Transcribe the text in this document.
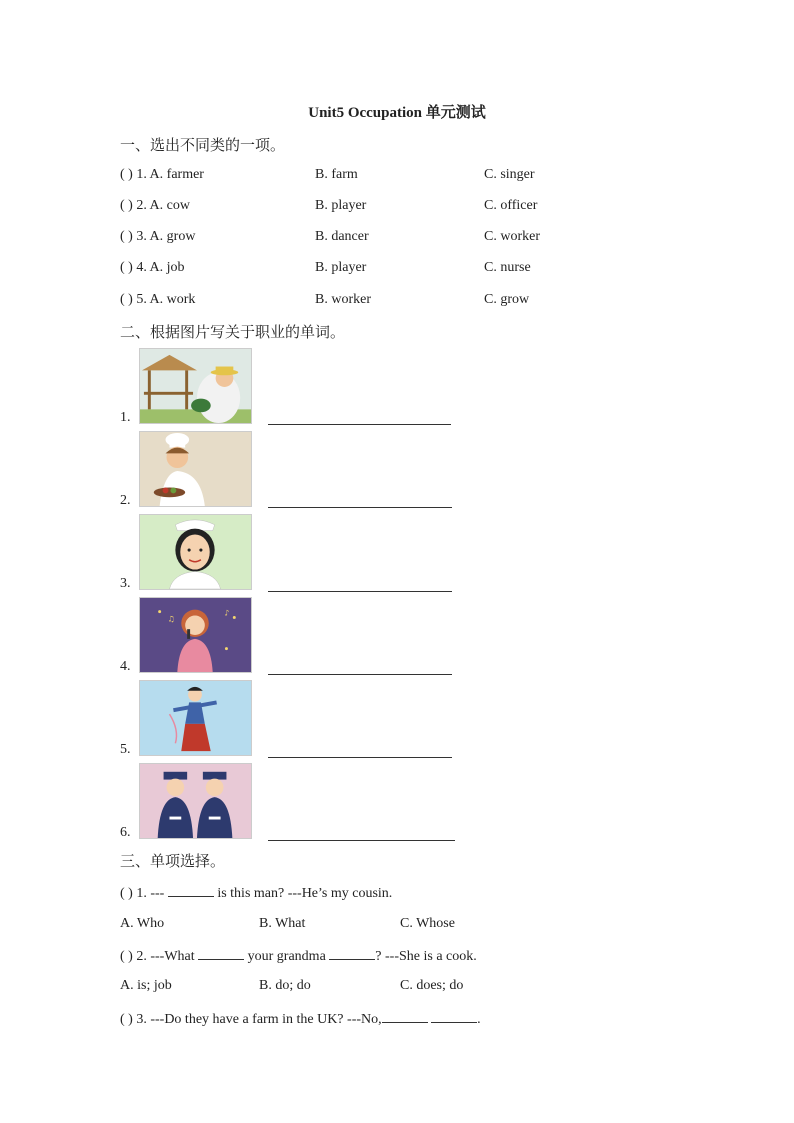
Unit5 Occupation 单元测试
一、选出不同类的一项。
( ) 1. A. farmer	B. farm	C. singer
( ) 2. A. cow	B. player	C. officer
( ) 3. A. grow	B. dancer	C. worker
( ) 4. A. job	B. player	C. nurse
( ) 5. A. work	B. worker	C. grow
二、根据图片写关于职业的单词。
1.
2.
3.
♪
♫
4.
5.
6.
三、单项选择。
( ) 1. ---	is this man? ---He’s my cousin.
A. Who	B. What	C. Whose
( ) 2. ---What	your grandma	? ---She is a cook.
A. is; job	B. do; do	C. does; do
( ) 3. ---Do they have a farm in the UK? ---No,	.
